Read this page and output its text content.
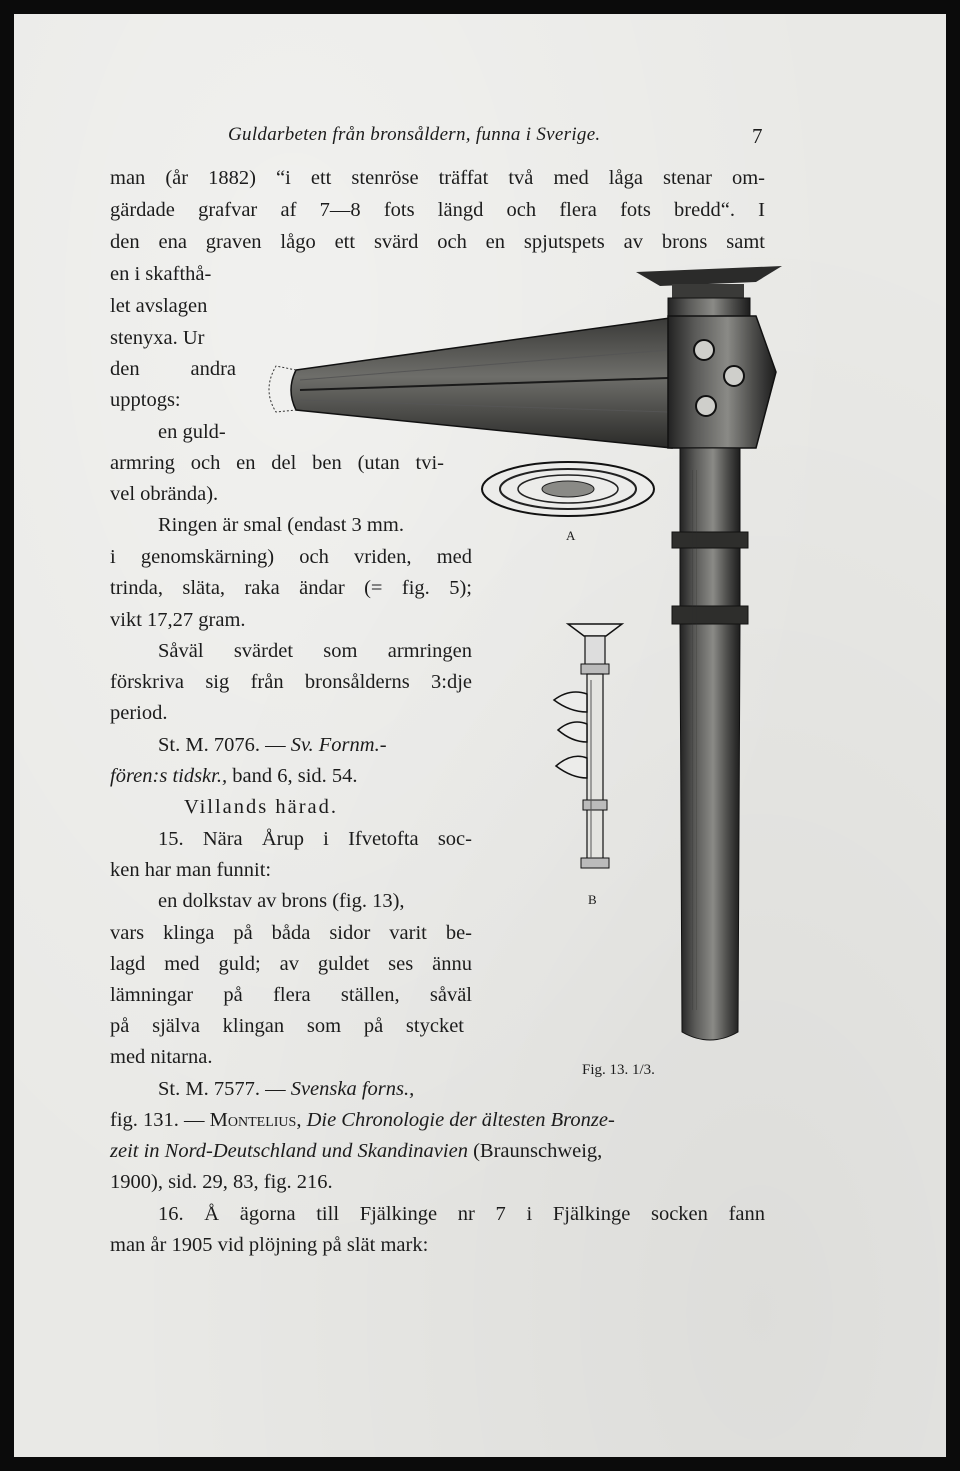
Guldarbeten från bronsåldern, funna i Sverige.	7
A
B
Fig. 13. 1/3.
man (år 1882) “i ett stenröse träffat två med låga stenar om-
gärdade grafvar af 7—8 fots längd och flera fots bredd“. I
den ena graven lågo ett svärd och en spjutspets av brons samt
en i skafthå-
let avslagen
stenyxa. Ur
den andra
upptogs:
en guld-
armring och en del ben (utan tvi-
vel obrända).
Ringen är smal (endast 3 mm.
i genomskärning) och vriden, med
trinda, släta, raka ändar (= fig. 5);
vikt 17,27 gram.
Såväl svärdet som armringen
förskriva sig från bronsålderns 3:dje
period.
St. M. 7076. — Sv. Fornm.-
fören:s tidskr., band 6, sid. 54.
Villands härad.
15. Nära Årup i Ifvetofta soc-
ken har man funnit:
en dolkstav av brons (fig. 13),
vars klinga på båda sidor varit be-
lagd med guld; av guldet ses ännu
lämningar på flera ställen, såväl
på själva klingan som på stycket
med nitarna.
St. M. 7577. — Svenska forns.,
fig. 131. — Montelius, Die Chronologie der ältesten Bronze-
zeit in Nord-Deutschland und Skandinavien (Braunschweig,
1900), sid. 29, 83, fig. 216.
16. Å ägorna till Fjälkinge nr 7 i Fjälkinge socken fann
man år 1905 vid plöjning på slät mark:
